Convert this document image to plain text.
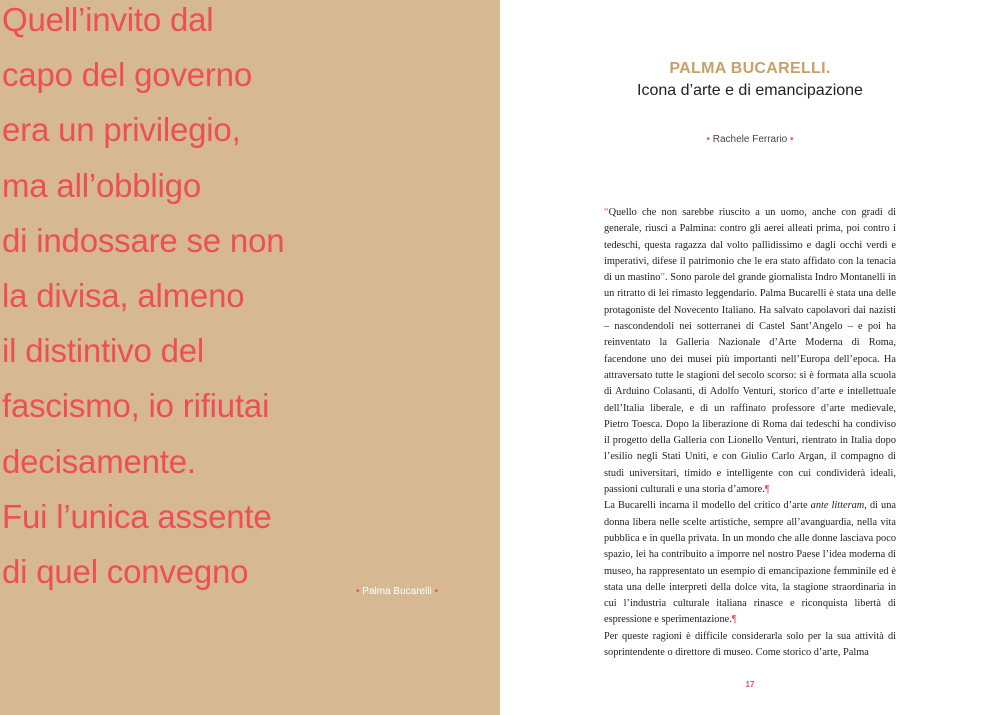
Quell’invito dal
capo del governo
era un privilegio,
ma all’obbligo
di indossare se non
la divisa, almeno
il distintivo del
fascismo, io rifiutai
decisamente.
Fui l’unica assente
di quel convegno
• Palma Bucarelli •
PALMA BUCARELLI.
Icona d’arte e di emancipazione
• Rachele Ferrario •

“Quello che non sarebbe riuscito a un uomo, anche con gradi di generale, riuscì a Palmina: contro gli aerei alleati prima, poi contro i tedeschi, questa ragazza dal volto pallidissimo e dagli occhi verdi e imperativi, difese il patrimonio che le era stato affidato con la tenacia di un mastino”. Sono parole del grande giornalista Indro Montanelli in un ritratto di lei rimasto leggendario. Palma Bucarelli è stata una delle protagoniste del Novecento Italiano. Ha salvato capolavori dai nazisti – nascondendoli nei sotterranei di Castel Sant’Angelo – e poi ha reinventato la Galleria Nazionale d’Arte Moderna di Roma, facendone uno dei musei più importanti nell’Europa dell’epoca. Ha attraversato tutte le stagioni del secolo scorso: si è formata alla scuola di Arduino Colasanti, di Adolfo Venturi, storico d’arte e intellettuale dell’Italia liberale, e di un raffinato professore d’arte medievale, Pietro Toesca. Dopo la liberazione di Roma dai tedeschi ha condiviso il progetto della Galleria con Lionello Venturi, rientrato in Italia dopo l’esilio negli Stati Uniti, e con Giulio Carlo Argan, il compagno di studi universitari, timido e intelligente con cui condividerà ideali, passioni culturali e una storia d’amore.¶

La Bucarelli incarna il modello del critico d’arte ante litteram, di una donna libera nelle scelte artistiche, sempre all’avanguardia, nella vita pubblica e in quella privata. In un mondo che alle donne lasciava poco spazio, lei ha contribuito a imporre nel nostro Paese l’idea moderna di museo, ha rappresentato un esempio di emancipazione femminile ed è stata una delle interpreti della dolce vita, la stagione straordinaria in cui l’industria culturale italiana rinasce e riconquista libertà di espressione e sperimentazione.¶

Per queste ragioni è difficile considerarla solo per la sua attività di soprintendente o direttore di museo. Come storico d’arte, Palma

17
